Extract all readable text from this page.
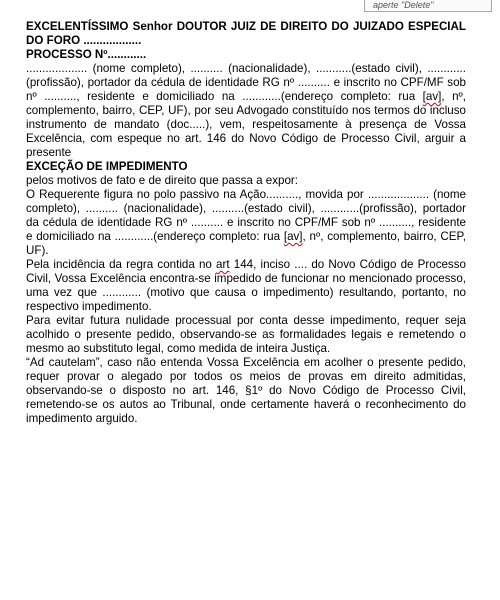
aperte "Delete"

EXCELENTÍSSIMO Senhor DOUTOR JUIZ DE DIREITO DO JUIZADO ESPECIAL DO FORO ..................

PROCESSO Nº............

................... (nome completo), .......... (nacionalidade), ...........(estado civil), ............(profissão), portador da cédula de identidade RG nº .......... e inscrito no CPF/MF sob nº .........., residente e domiciliado na ............(endereço completo: rua [av], nº, complemento, bairro, CEP, UF), por seu Advogado constituído nos termos do incluso instrumento de mandato (doc.....), vem, respeitosamente à presença de Vossa Excelência, com espeque no art. 146 do Novo Código de Processo Civil, arguir a presente

EXCEÇÃO DE IMPEDIMENTO

pelos motivos de fato e de direito que passa a expor:

O Requerente figura no polo passivo na Ação.........., movida por ................... (nome completo), .......... (nacionalidade), ..........(estado civil), ............(profissão), portador da cédula de identidade RG nº .......... e inscrito no CPF/MF sob nº .........., residente e domiciliado na ............(endereço completo: rua [av], nº, complemento, bairro, CEP, UF).

Pela incidência da regra contida no art 144, inciso .... do Novo Código de Processo Civil, Vossa Excelência encontra-se impedido de funcionar no mencionado processo, uma vez que ............ (motivo que causa o impedimento) resultando, portanto, no respectivo impedimento.

Para evitar futura nulidade processual por conta desse impedimento, requer seja acolhido o presente pedido, observando-se as formalidades legais e remetendo o mesmo ao substituto legal, como medida de inteira Justiça.

“Ad cautelam”, caso não entenda Vossa Excelência em acolher o presente pedido, requer provar o alegado por todos os meios de provas em direito admitidas, observando-se o disposto no art. 146, §1º do Novo Código de Processo Civil, remetendo-se os autos ao Tribunal, onde certamente haverá o reconhecimento do impedimento arguido.
